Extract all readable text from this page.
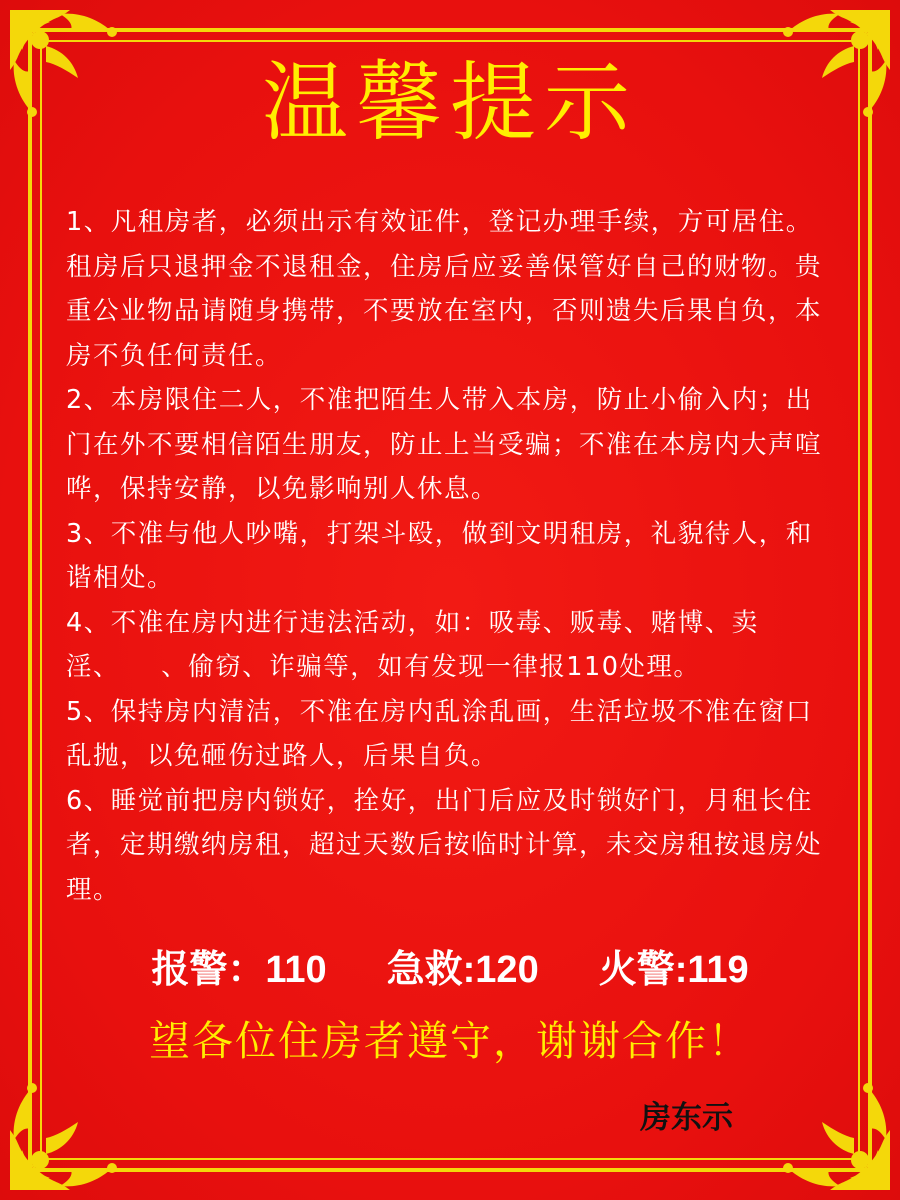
温馨提示

1、凡租房者，必须出示有效证件，登记办理手续，方可居住。租房后只退押金不退租金，住房后应妥善保管好自己的财物。贵重公业物品请随身携带，不要放在室内，否则遗失后果自负，本房不负任何责任。

2、本房限住二人，不准把陌生人带入本房，防止小偷入内；出门在外不要相信陌生朋友，防止上当受骗；不准在本房内大声喧哗，保持安静，以免影响别人休息。

3、不准与他人吵嘴，打架斗殴，做到文明租房，礼貌待人，和谐相处。

4、不准在房内进行违法活动，如：吸毒、贩毒、赌博、卖淫、　　、偷窃、诈骗等，如有发现一律报110处理。

5、保持房内清洁，不准在房内乱涂乱画，生活垃圾不准在窗口乱抛，以免砸伤过路人，后果自负。

6、睡觉前把房内锁好，拴好，出门后应及时锁好门，月租长住者，定期缴纳房租，超过天数后按临时计算，未交房租按退房处理。

报警：110 急救:120 火警:119
望各位住房者遵守，谢谢合作！
房东示
